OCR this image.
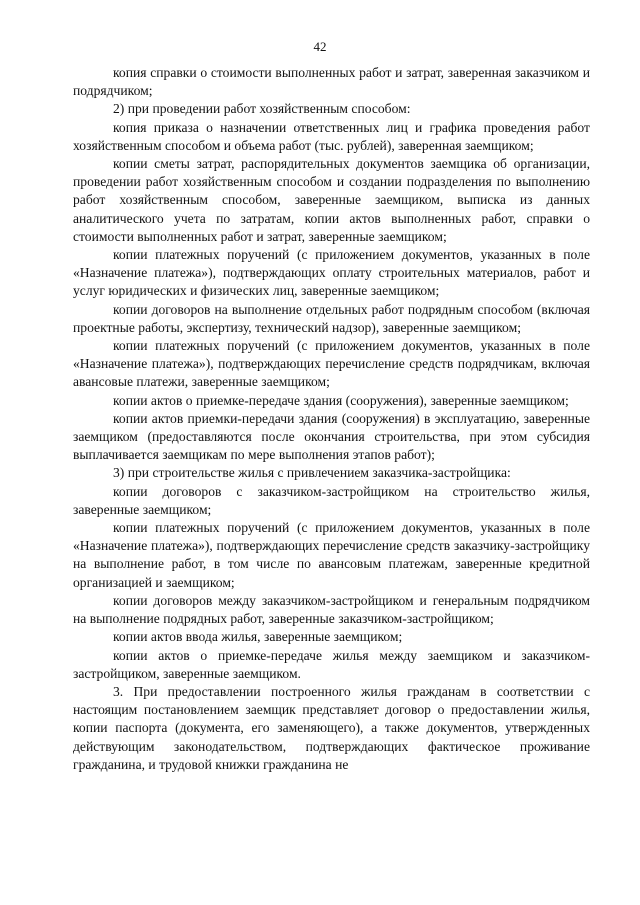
42

копия справки о стоимости выполненных работ и затрат, заверенная заказчиком и подрядчиком;

2) при проведении работ хозяйственным способом:

копия приказа о назначении ответственных лиц и графика проведения работ хозяйственным способом и объема работ (тыс. рублей), заверенная заемщиком;

копии сметы затрат, распорядительных документов заемщика об организации, проведении работ хозяйственным способом и создании подразделения по выполнению работ хозяйственным способом, заверенные заемщиком, выписка из данных аналитического учета по затратам, копии актов выполненных работ, справки о стоимости выполненных работ и затрат, заверенные заемщиком;

копии платежных поручений (с приложением документов, указанных в поле «Назначение платежа»), подтверждающих оплату строительных материалов, работ и услуг юридических и физических лиц, заверенные заемщиком;

копии договоров на выполнение отдельных работ подрядным способом (включая проектные работы, экспертизу, технический надзор), заверенные заемщиком;

копии платежных поручений (с приложением документов, указанных в поле «Назначение платежа»), подтверждающих перечисление средств подрядчикам, включая авансовые платежи, заверенные заемщиком;

копии актов о приемке-передаче здания (сооружения), заверенные заемщиком;

копии актов приемки-передачи здания (сооружения) в эксплуатацию, заверенные заемщиком (предоставляются после окончания строительства, при этом субсидия выплачивается заемщикам по мере выполнения этапов работ);

3) при строительстве жилья с привлечением заказчика-застройщика:

копии договоров с заказчиком-застройщиком на строительство жилья, заверенные заемщиком;

копии платежных поручений (с приложением документов, указанных в поле «Назначение платежа»), подтверждающих перечисление средств заказчику-застройщику на выполнение работ, в том числе по авансовым платежам, заверенные кредитной организацией и заемщиком;

копии договоров между заказчиком-застройщиком и генеральным подрядчиком на выполнение подрядных работ, заверенные заказчиком-застройщиком;

копии актов ввода жилья, заверенные заемщиком;

копии актов о приемке-передаче жилья между заемщиком и заказчиком-застройщиком, заверенные заемщиком.

3. При предоставлении построенного жилья гражданам в соответствии с настоящим постановлением заемщик представляет договор о предоставлении жилья, копии паспорта (документа, его заменяющего), а также документов, утвержденных действующим законодательством, подтверждающих фактическое проживание гражданина, и трудовой книжки гражданина не
